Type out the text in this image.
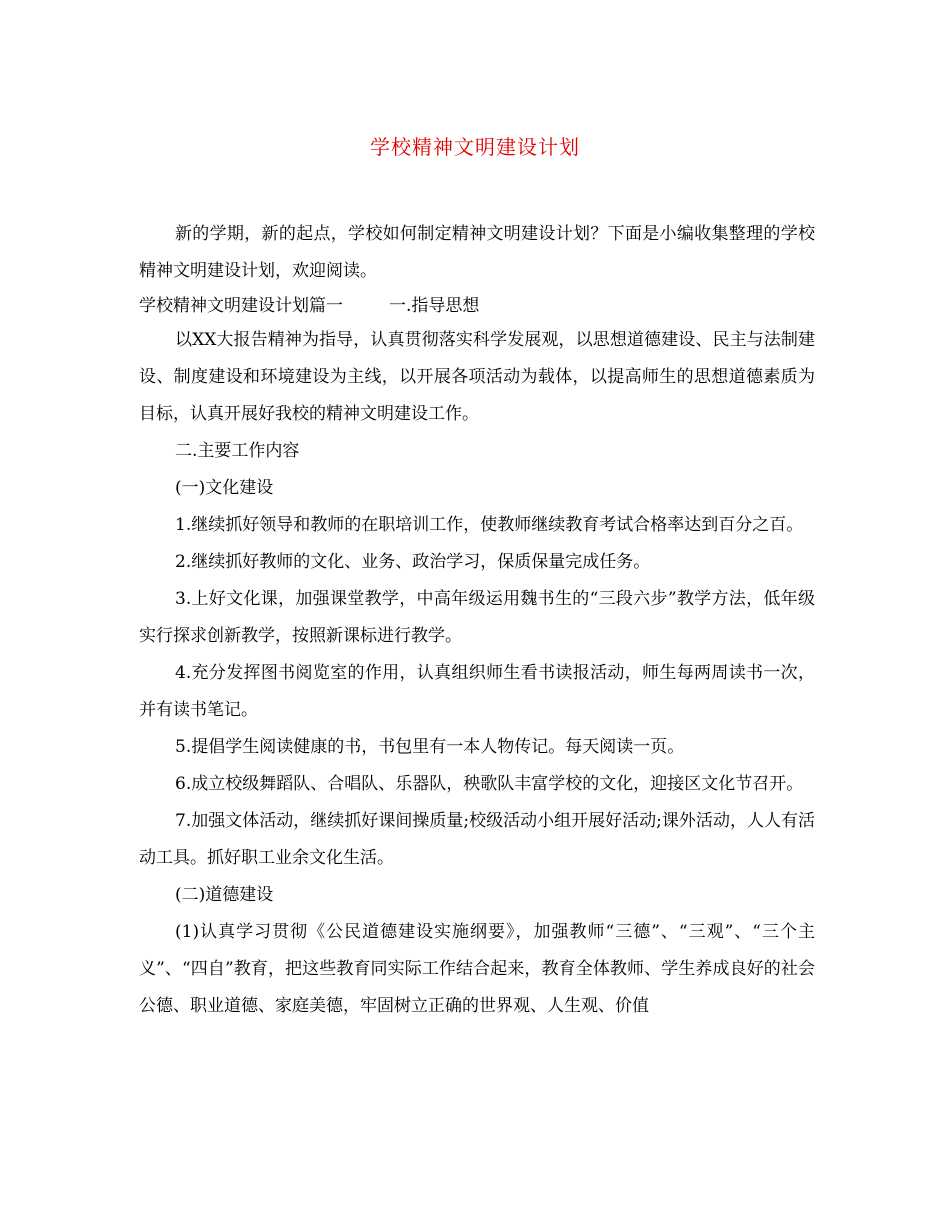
学校精神文明建设计划

新的学期，新的起点，学校如何制定精神文明建设计划？下面是小编收集整理的学校精神文明建设计划，欢迎阅读。

学校精神文明建设计划篇一	一.指导思想

以XX大报告精神为指导，认真贯彻落实科学发展观，以思想道德建设、民主与法制建设、制度建设和环境建设为主线，以开展各项活动为载体，以提高师生的思想道德素质为目标，认真开展好我校的精神文明建设工作。

二.主要工作内容

(一)文化建设

1.继续抓好领导和教师的在职培训工作，使教师继续教育考试合格率达到百分之百。

2.继续抓好教师的文化、业务、政治学习，保质保量完成任务。

3.上好文化课，加强课堂教学，中高年级运用魏书生的“三段六步”教学方法，低年级实行探求创新教学，按照新课标进行教学。

4.充分发挥图书阅览室的作用，认真组织师生看书读报活动，师生每两周读书一次，并有读书笔记。

5.提倡学生阅读健康的书，书包里有一本人物传记。每天阅读一页。

6.成立校级舞蹈队、合唱队、乐器队，秧歌队丰富学校的文化，迎接区文化节召开。

7.加强文体活动，继续抓好课间操质量;校级活动小组开展好活动;课外活动，人人有活动工具。抓好职工业余文化生活。

(二)道德建设

(1)认真学习贯彻《公民道德建设实施纲要》，加强教师“三德”、“三观”、“三个主义”、“四自”教育，把这些教育同实际工作结合起来，教育全体教师、学生养成良好的社会公德、职业道德、家庭美德，牢固树立正确的世界观、人生观、价值
